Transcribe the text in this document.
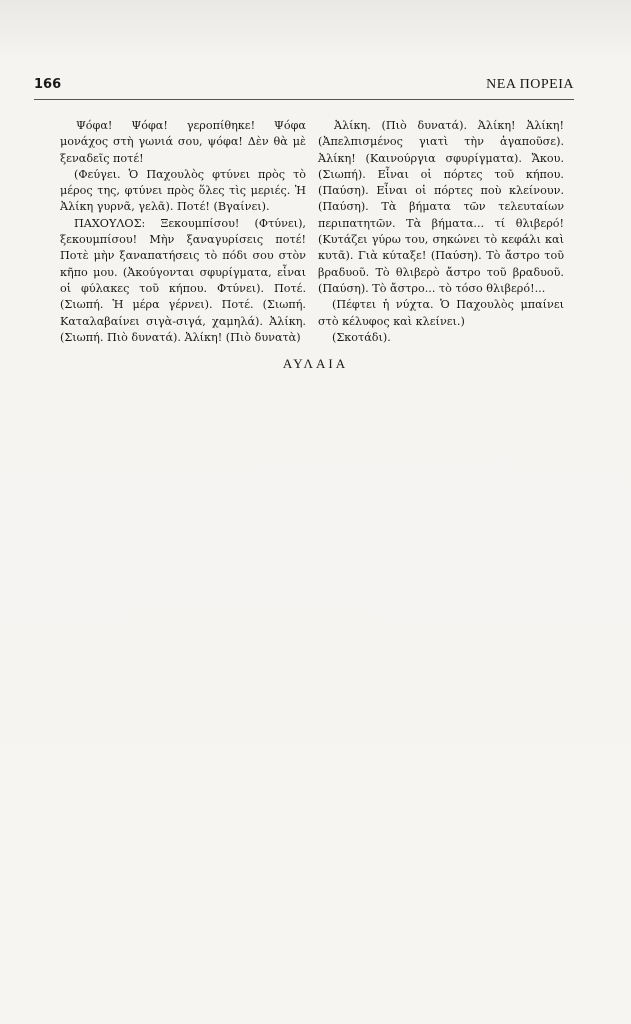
166	ΝΕΑ ΠΟΡΕΙΑ

Ψόφα! Ψόφα! γεροπίθηκε! Ψόφα μονάχος στὴ γωνιά σου, ψόφα! Δὲν θὰ μὲ ξεναδεῖς ποτέ!

(Φεύγει. Ὁ Παχουλὸς φτύνει πρὸς τὸ μέρος της, φτύνει πρὸς ὅλες τὶς μεριές. Ἡ Ἀλίκη γυρνᾶ, γελᾶ). Ποτέ! (Βγαίνει).

ΠΑΧΟΥΛΟΣ: Ξεκουμπίσου! (Φτύνει), ξεκουμπίσου! Μὴν ξαναγυρίσεις ποτέ! Ποτὲ μὴν ξαναπατήσεις τὸ πόδι σου στὸν κῆπο μου. (Ἀκούγονται σφυρίγματα, εἶναι οἱ φύλακες τοῦ κήπου. Φτύνει). Ποτέ. (Σιωπή. Ἡ μέρα γέρνει). Ποτέ. (Σιωπή. Καταλαβαίνει σιγὰ-σιγά, χαμηλά). Ἀλίκη. (Σιωπή. Πιὸ δυνατά). Ἀλίκη! (Πιὸ δυνατὰ)

Ἀλίκη. (Πιὸ δυνατά). Ἀλίκη! Ἀλίκη! (Ἀπελπισμένος γιατὶ τὴν ἀγαποῦσε). Ἀλίκη! (Καινούργια σφυρίγματα). Ἄκου. (Σιωπή). Εἶναι οἱ πόρτες τοῦ κήπου. (Παύση). Εἶναι οἱ πόρτες ποὺ κλείνουν. (Παύση). Τὰ βήματα τῶν τελευταίων περιπατητῶν. Τὰ βήματα... τί θλιβερό! (Κυτάζει γύρω του, σηκώνει τὸ κεφάλι καὶ κυτᾶ). Γιὰ κύταξε! (Παύση). Τὸ ἄστρο τοῦ βραδυοῦ. Τὸ θλιβερὸ ἄστρο τοῦ βραδυοῦ. (Παύση). Τὸ ἄστρο... τὸ τόσο θλιβερό!...

(Πέφτει ἡ νύχτα. Ὁ Παχουλὸς μπαίνει στὸ κέλυφος καὶ κλείνει.)

(Σκοτάδι).

ΑΥΛΑΙΑ
